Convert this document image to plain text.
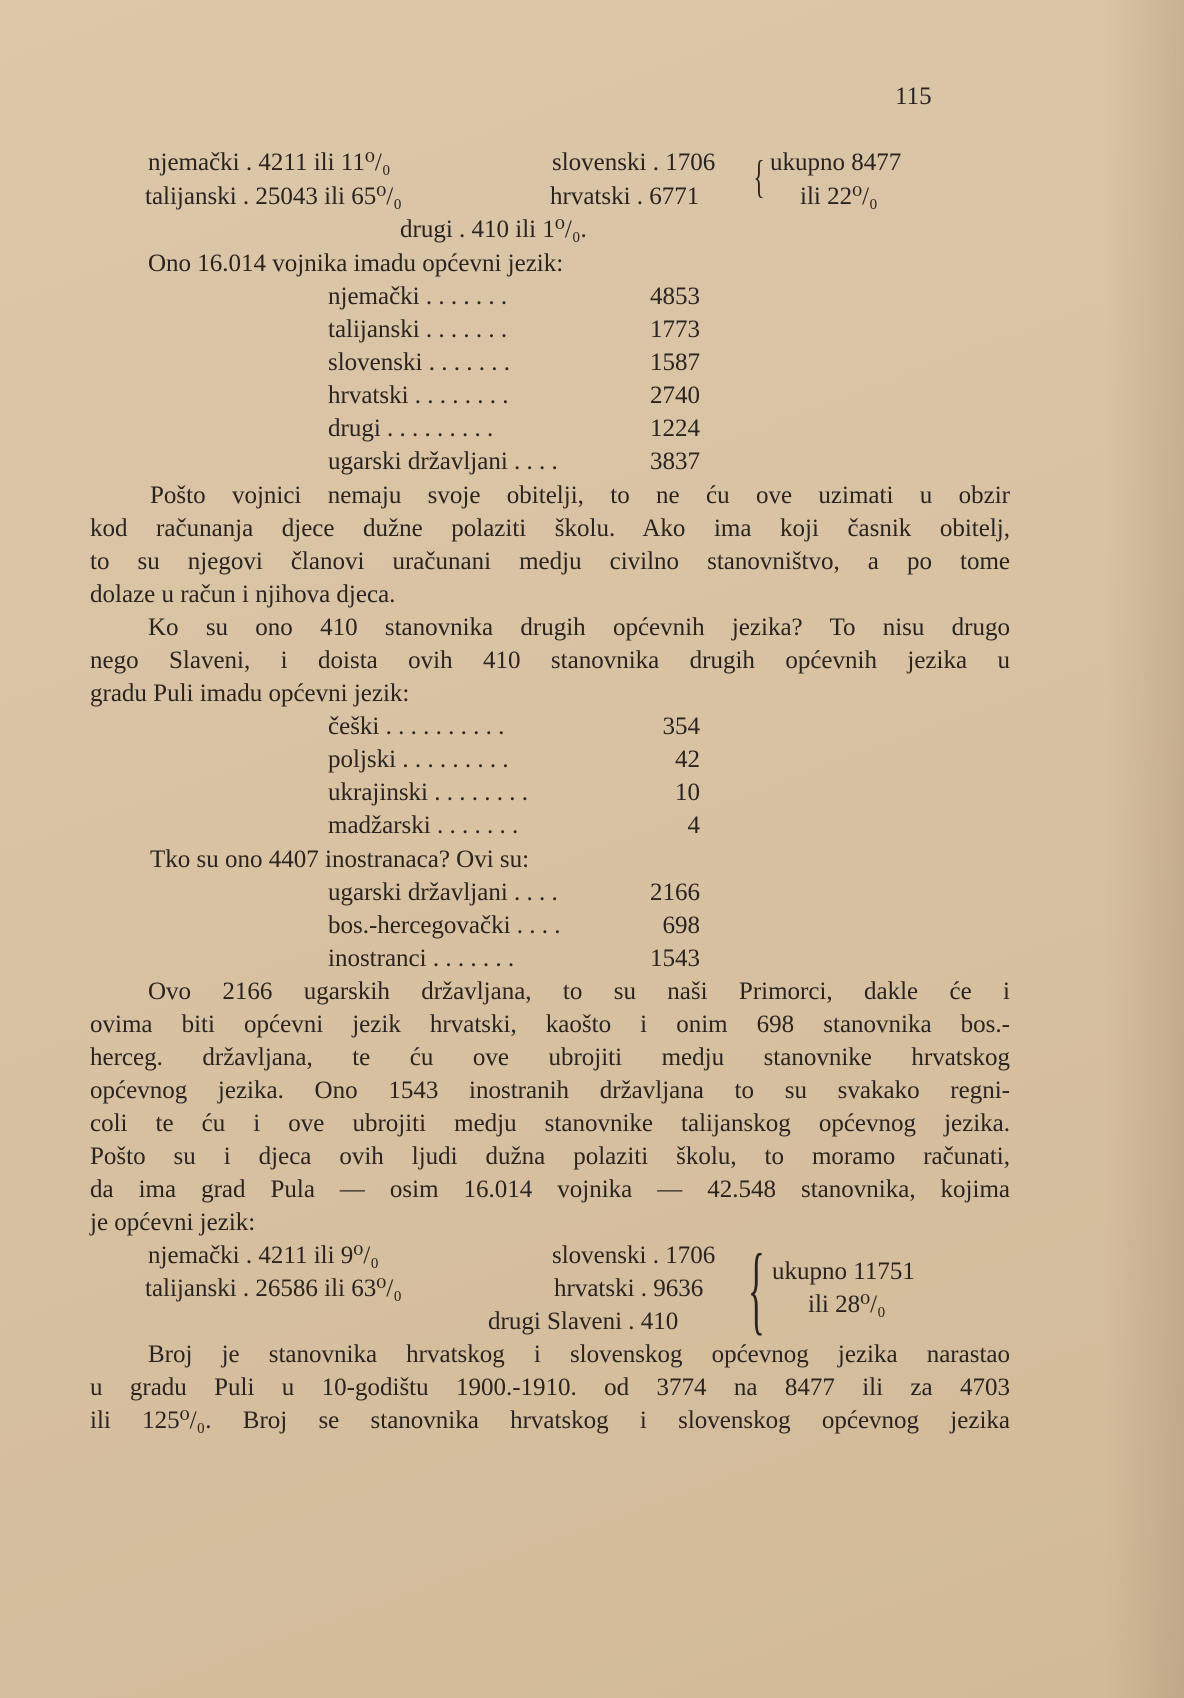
115
njemački . 4211 ili 11⁰/₀	slovenski . 1706 { ukupno 8477
talijanski . 25043 ili 65⁰/₀	hrvatski . 6771	ili 22⁰/₀
drugi . 410 ili 1⁰/₀.
Ono 16.014 vojnika imadu općevni jezik:
njemački . . . . . . .	4853
talijanski . . . . . . .	1773
slovenski . . . . . . .	1587
hrvatski . . . . . . . .	2740
drugi . . . . . . . . .	1224
ugarski državljani . . . .	3837
Pošto vojnici nemaju svoje obitelji, to ne ću ove uzimati u obzir
kod računanja djece dužne polaziti školu. Ako ima koji časnik obitelj,
to su njegovi članovi uračunani medju civilno stanovništvo, a po tome
dolaze u račun i njihova djeca.
Ko su ono 410 stanovnika drugih općevnih jezika? To nisu drugo
nego Slaveni, i doista ovih 410 stanovnika drugih općevnih jezika u
gradu Puli imadu općevni jezik:
češki . . . . . . . . . .	354
poljski . . . . . . . . .	42
ukrajinski . . . . . . . .	10
madžarski . . . . . . .	4
Tko su ono 4407 inostranaca? Ovi su:
ugarski državljani . . . .	2166
bos.-hercegovački . . . .	698
inostranci . . . . . . .	1543
Ovo 2166 ugarskih državljana, to su naši Primorci, dakle će i
ovima biti općevni jezik hrvatski, kaošto i onim 698 stanovnika bos.-
herceg. državljana, te ću ove ubrojiti medju stanovnike hrvatskog
općevnog jezika. Ono 1543 inostranih državljana to su svakako regni-
coli te ću i ove ubrojiti medju stanovnike talijanskog općevnog jezika.
Pošto su i djeca ovih ljudi dužna polaziti školu, to moramo računati,
da ima grad Pula — osim 16.014 vojnika — 42.548 stanovnika, kojima
je općevni jezik:
njemački . 4211 ili 9⁰/₀	slovenski . 1706
talijanski . 26586 ili 63⁰/₀	hrvatski . 9636
drugi Slaveni . 410 { ukupno 11751
ili 28⁰/₀
Broj je stanovnika hrvatskog i slovenskog općevnog jezika narastao
u gradu Puli u 10-godištu 1900.-1910. od 3774 na 8477 ili za 4703
ili 125⁰/₀. Broj se stanovnika hrvatskog i slovenskog općevnog jezika
